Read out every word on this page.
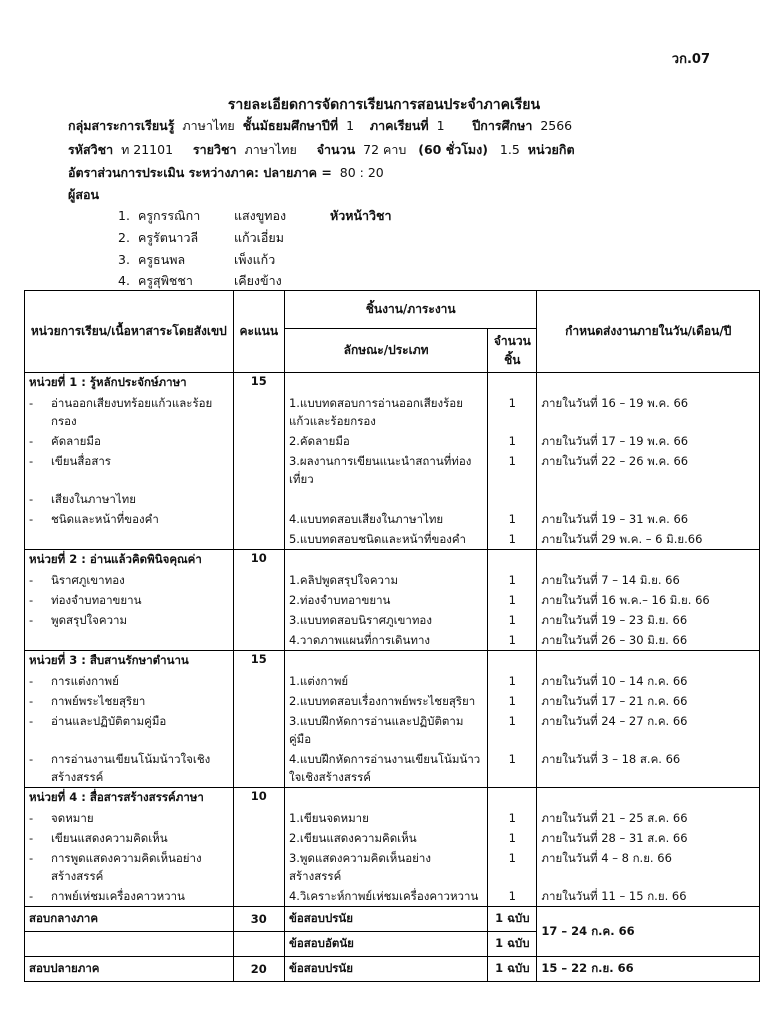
วก.07
รายละเอียดการจัดการเรียนการสอนประจำภาคเรียน
กลุ่มสาระการเรียนรู้ ภาษาไทย ชั้นมัธยมศึกษาปีที่ 1 ภาคเรียนที่ 1 ปีการศึกษา 2566
รหัสวิชา ท 21101 รายวิชา ภาษาไทย จำนวน 72 คาบ (60 ชั่วโมง) 1.5 หน่วยกิต
อัตราส่วนการประเมิน ระหว่างภาค: ปลายภาค = 80 : 20
ผู้สอน
1. ครูกรรณิกา	แสงขูทอง	หัวหน้าวิชา
2. ครูรัตนาวลี	แก้วเอี่ยม
3. ครูธนพล	เพ็งแก้ว
4. ครูสุพิชชา	เคียงข้าง
หน่วยการเรียน/เนื้อหาสาระโดยสังเขป	คะแนน	ชิ้นงาน/ภาระงาน		กำหนดส่งงานภายในวัน/เดือน/ปี
		ลักษณะ/ประเภท	จำนวนชิ้น	
หน่วยที่ 1 : รู้หลักประจักษ์ภาษา	15			

- อ่านออกเสียงบทร้อยแก้วและร้อยกรอง		1.แบบทดสอบการอ่านออกเสียงร้อยแก้วและร้อยกรอง	1	ภายในวันที่ 16 – 19 พ.ค. 66

- คัดลายมือ		2.คัดลายมือ	1	ภายในวันที่ 17 – 19 พ.ค. 66

- เขียนสื่อสาร		3.ผลงานการเขียนแนะนำสถานที่ท่องเที่ยว	1	ภายในวันที่ 22 – 26 พ.ค. 66

- เสียงในภาษาไทย				

- ชนิดและหน้าที่ของคำ		4.แบบทดสอบเสียงในภาษาไทย	1	ภายในวันที่ 19 – 31 พ.ค. 66
		5.แบบทดสอบชนิดและหน้าที่ของคำ	1	ภายในวันที่ 29 พ.ค. – 6 มิ.ย.66
หน่วยที่ 2 : อ่านแล้วคิดพินิจคุณค่า	10			

- นิราศภูเขาทอง		1.คลิปพูดสรุปใจความ	1	ภายในวันที่ 7 – 14 มิ.ย. 66

- ท่องจำบทอาขยาน		2.ท่องจำบทอาขยาน	1	ภายในวันที่ 16 พ.ค.– 16 มิ.ย. 66

- พูดสรุปใจความ		3.แบบทดสอบนิราศภูเขาทอง	1	ภายในวันที่ 19 – 23 มิ.ย. 66
		4.วาดภาพแผนที่การเดินทาง	1	ภายในวันที่ 26 – 30 มิ.ย. 66
หน่วยที่ 3 : สืบสานรักษาตำนาน	15			

- การแต่งกาพย์		1.แต่งกาพย์	1	ภายในวันที่ 10 – 14 ก.ค. 66

- กาพย์พระไชยสุริยา		2.แบบทดสอบเรื่องกาพย์พระไชยสุริยา	1	ภายในวันที่ 17 – 21 ก.ค. 66

- อ่านและปฏิบัติตามคู่มือ		3.แบบฝึกหัดการอ่านและปฏิบัติตามคู่มือ	1	ภายในวันที่ 24 – 27 ก.ค. 66

- การอ่านงานเขียนโน้มน้าวใจเชิงสร้างสรรค์		4.แบบฝึกหัดการอ่านงานเขียนโน้มน้าวใจเชิงสร้างสรรค์	1	ภายในวันที่ 3 – 18 ส.ค. 66
หน่วยที่ 4 : สื่อสารสร้างสรรค์ภาษา	10			

- จดหมาย		1.เขียนจดหมาย	1	ภายในวันที่ 21 – 25 ส.ค. 66

- เขียนแสดงความคิดเห็น		2.เขียนแสดงความคิดเห็น	1	ภายในวันที่ 28 – 31 ส.ค. 66

- การพูดแสดงความคิดเห็นอย่างสร้างสรรค์		3.พูดแสดงความคิดเห็นอย่างสร้างสรรค์	1	ภายในวันที่ 4 – 8 ก.ย. 66

- กาพย์เห่ชมเครื่องคาวหวาน		4.วิเคราะห์กาพย์เห่ชมเครื่องคาวหวาน	1	ภายในวันที่ 11 – 15 ก.ย. 66
สอบกลางภาค	30	ข้อสอบปรนัย	1 ฉบับ	17 – 24 ก.ค. 66
		ข้อสอบอัตนัย	1 ฉบับ	
สอบปลายภาค	20	ข้อสอบปรนัย	1 ฉบับ	15 – 22 ก.ย. 66
